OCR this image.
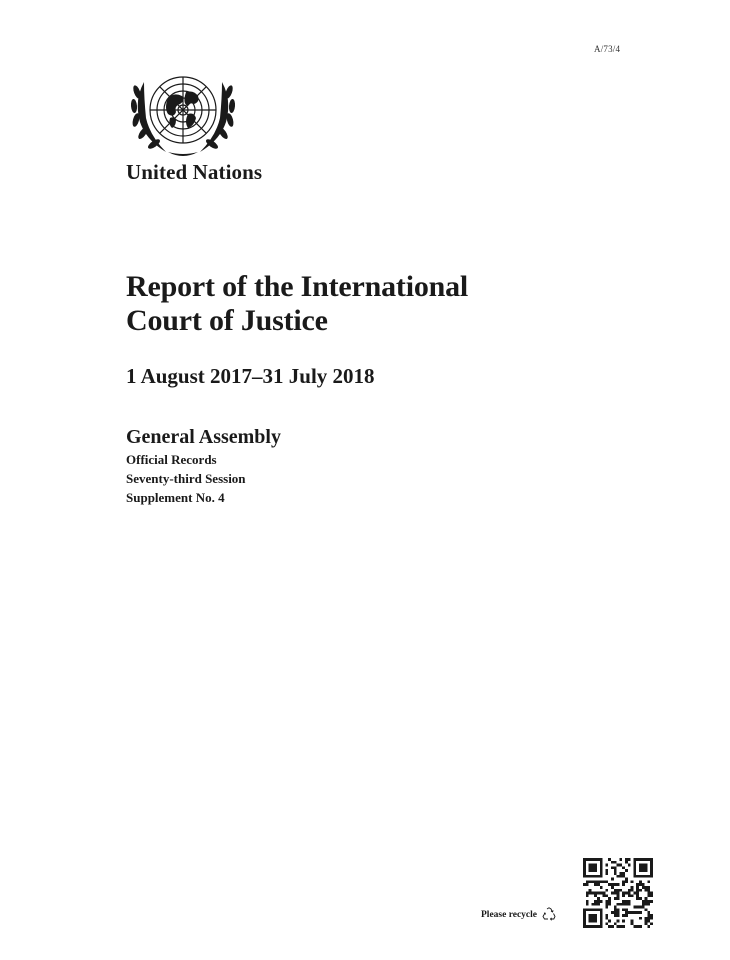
A/73/4
United Nations
Report of the International
Court of Justice
1 August 2017–31 July 2018
General Assembly
Official Records
Seventy-third Session
Supplement No. 4
Please recycle
